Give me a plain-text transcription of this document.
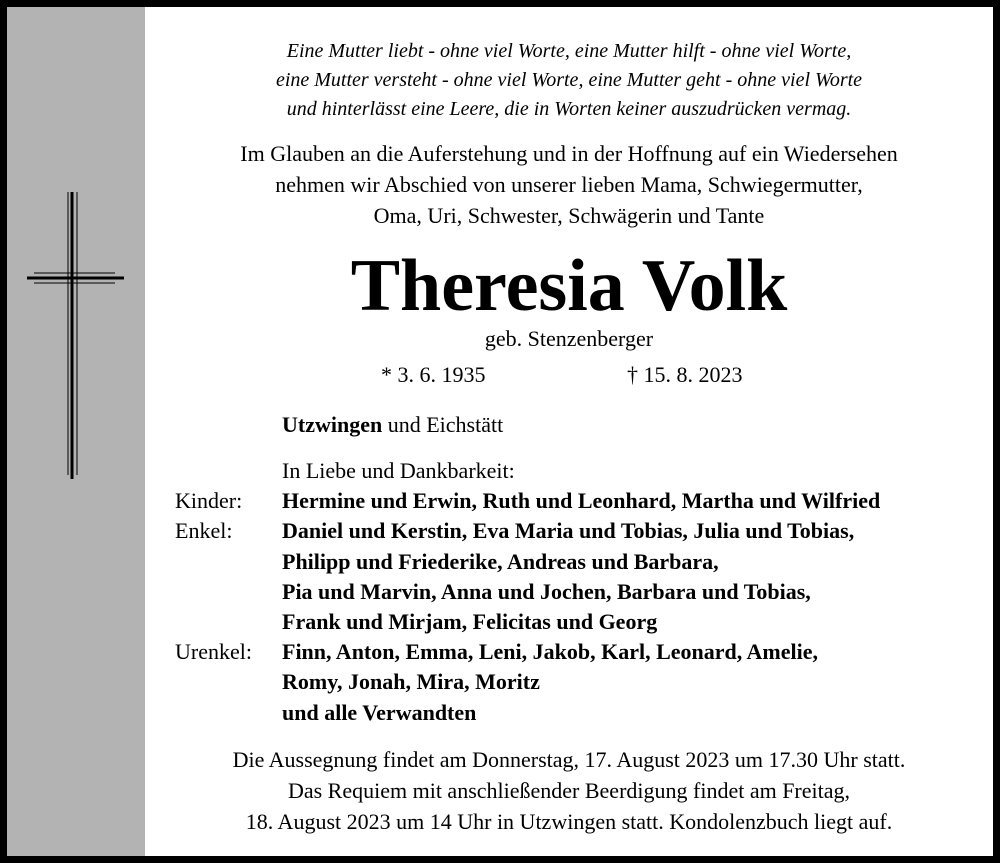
Eine Mutter liebt - ohne viel Worte, eine Mutter hilft - ohne viel Worte,
eine Mutter versteht - ohne viel Worte, eine Mutter geht - ohne viel Worte
und hinterlässt eine Leere, die in Worten keiner auszudrücken vermag.
Im Glauben an die Auferstehung und in der Hoffnung auf ein Wiedersehen
nehmen wir Abschied von unserer lieben Mama, Schwiegermutter,
Oma, Uri, Schwester, Schwägerin und Tante
Theresia Volk
geb. Stenzenberger
* 3. 6. 1935	† 15. 8. 2023
Utzwingen und Eichstätt
In Liebe und Dankbarkeit:
Kinder: Hermine und Erwin, Ruth und Leonhard, Martha und Wilfried
Enkel: Daniel und Kerstin, Eva Maria und Tobias, Julia und Tobias,
Philipp und Friederike, Andreas und Barbara,
Pia und Marvin, Anna und Jochen, Barbara und Tobias,
Frank und Mirjam, Felicitas und Georg
Urenkel: Finn, Anton, Emma, Leni, Jakob, Karl, Leonard, Amelie,
Romy, Jonah, Mira, Moritz
und alle Verwandten
Die Aussegnung findet am Donnerstag, 17. August 2023 um 17.30 Uhr statt.
Das Requiem mit anschließender Beerdigung findet am Freitag,
18. August 2023 um 14 Uhr in Utzwingen statt. Kondolenzbuch liegt auf.
